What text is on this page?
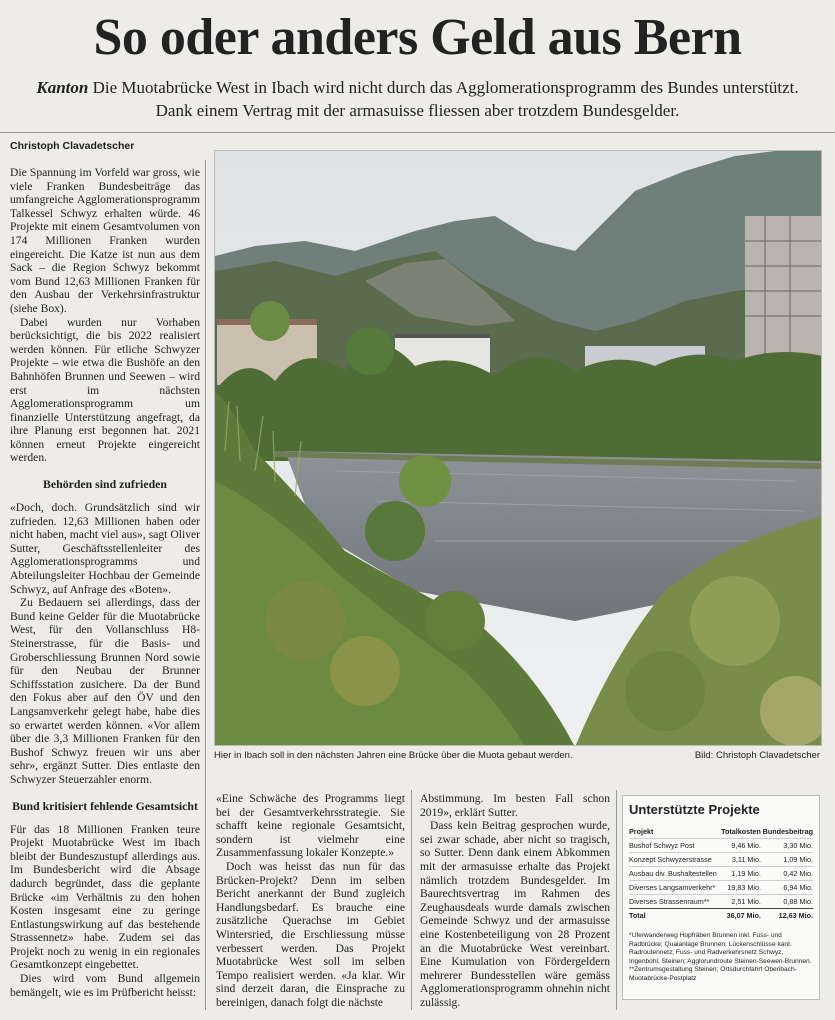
So oder anders Geld aus Bern
Kanton Die Muotabrücke West in Ibach wird nicht durch das Agglomerationsprogramm des Bundes unterstützt. Dank einem Vertrag mit der armasuisse fliessen aber trotzdem Bundesgelder.
Christoph Clavadetscher

Die Spannung im Vorfeld war gross, wie viele Franken Bundesbeiträge das umfangreiche Agglomerationsprogramm Talkessel Schwyz erhalten würde. 46 Projekte mit einem Gesamtvolumen von 174 Millionen Franken wurden eingereicht. Die Katze ist nun aus dem Sack – die Region Schwyz bekommt vom Bund 12,63 Millionen Franken für den Ausbau der Verkehrsinfrastruktur (siehe Box).

Dabei wurden nur Vorhaben berücksichtigt, die bis 2022 realisiert werden können. Für etliche Schwyzer Projekte – wie etwa die Bushöfe an den Bahnhöfen Brunnen und Seewen – wird erst im nächsten Agglomerationsprogramm um finanzielle Unterstützung angefragt, da ihre Planung erst begonnen hat. 2021 können erneut Projekte eingereicht werden.

Behörden sind zufrieden

«Doch, doch. Grundsätzlich sind wir zufrieden. 12,63 Millionen haben oder nicht haben, macht viel aus», sagt Oliver Sutter, Geschäftsstellenleiter des Agglomerationsprogramms und Abteilungsleiter Hochbau der Gemeinde Schwyz, auf Anfrage des «Boten».

Zu Bedauern sei allerdings, dass der Bund keine Gelder für die Muotabrücke West, für den Vollanschluss H8-Steinerstrasse, für die Basis- und Groberschliessung Brunnen Nord sowie für den Neubau der Brunner Schiffsstation zusichere. Da der Bund den Fokus aber auf den ÖV und den Langsamverkehr gelegt habe, habe dies so erwartet werden können. «Vor allem über die 3,3 Millionen Franken für den Bushof Schwyz freuen wir uns aber sehr», ergänzt Sutter. Dies entlaste den Schwyzer Steuerzahler enorm.

Bund kritisiert fehlende Gesamtsicht

Für das 18 Millionen Franken teure Projekt Muotabrücke West im Ibach bleibt der Bundeszustupf allerdings aus. Im Bundesbericht wird die Absage dadurch begründet, dass die geplante Brücke «im Verhältnis zu den hohen Kosten insgesamt eine zu geringe Entlastungswirkung auf das bestehende Strassennetz» habe. Zudem sei das Projekt noch zu wenig in ein regionales Gesamtkonzept eingebettet.

Dies wird vom Bund allgemein bemängelt, wie es im Prüfbericht heisst:

Hier in Ibach soll in den nächsten Jahren eine Brücke über die Muota gebaut werden.	Bild: Christoph Clavadetscher

«Eine Schwäche des Programms liegt bei der Gesamtverkehrsstrategie. Sie schafft keine regionale Gesamtsicht, sondern ist vielmehr eine Zusammenfassung lokaler Konzepte.»

Doch was heisst das nun für das Brücken-Projekt? Denn im selben Bericht anerkannt der Bund zugleich Handlungsbedarf. Es brauche eine zusätzliche Querachse im Gebiet Wintersried, die Erschliessung müsse verbessert werden. Das Projekt Muotabrücke West soll im selben Tempo realisiert werden. «Ja klar. Wir sind derzeit daran, die Einsprache zu bereinigen, danach folgt die nächste

Abstimmung. Im besten Fall schon 2019», erklärt Sutter.

Dass kein Beitrag gesprochen wurde, sei zwar schade, aber nicht so tragisch, so Sutter. Denn dank einem Abkommen mit der armasuisse erhalte das Projekt nämlich trotzdem Bundesgelder. Im Baurechtsvertrag im Rahmen des Zeughausdeals wurde damals zwischen Gemeinde Schwyz und der armasuisse eine Kostenbeteiligung von 28 Prozent an die Muotabrücke West vereinbart. Eine Kumulation von Fördergeldern mehrerer Bundesstellen wäre gemäss Agglomerationsprogramm ohnehin nicht zulässig.

Unterstützte Projekte
Projekt	Totalkosten	Bundesbeitrag
Bushof Schwyz Post	9,46 Mio.	3,30 Mio.
Konzept Schwyzerstrasse	3,11 Mio.	1,09 Mio.
Ausbau div. Bushaltestellen	1,19 Mio.	0,42 Mio.
Diverses Langsamverkehr*	19,83 Mio.	6,94 Mio.
Diverses Strassenraum**	2,51 Mio.	0,88 Mio.
Total	36,07 Mio.	12,63 Mio.
*Uferwanderweg Hopfräben Brunnen inkl. Fuss- und Radbrücke; Quaianlage Brunnen; Lückenschlüsse kant. Radroutennetz; Fuss- und Radverkehrsnetz Schwyz, Ingenbohl, Steinen; Agglorundroute Steinen-Seewen-Brunnen.
**Zentrumsgestaltung Steinen; Ortsdurchfahrt Oberibach-Muotabrücke-Postplatz
